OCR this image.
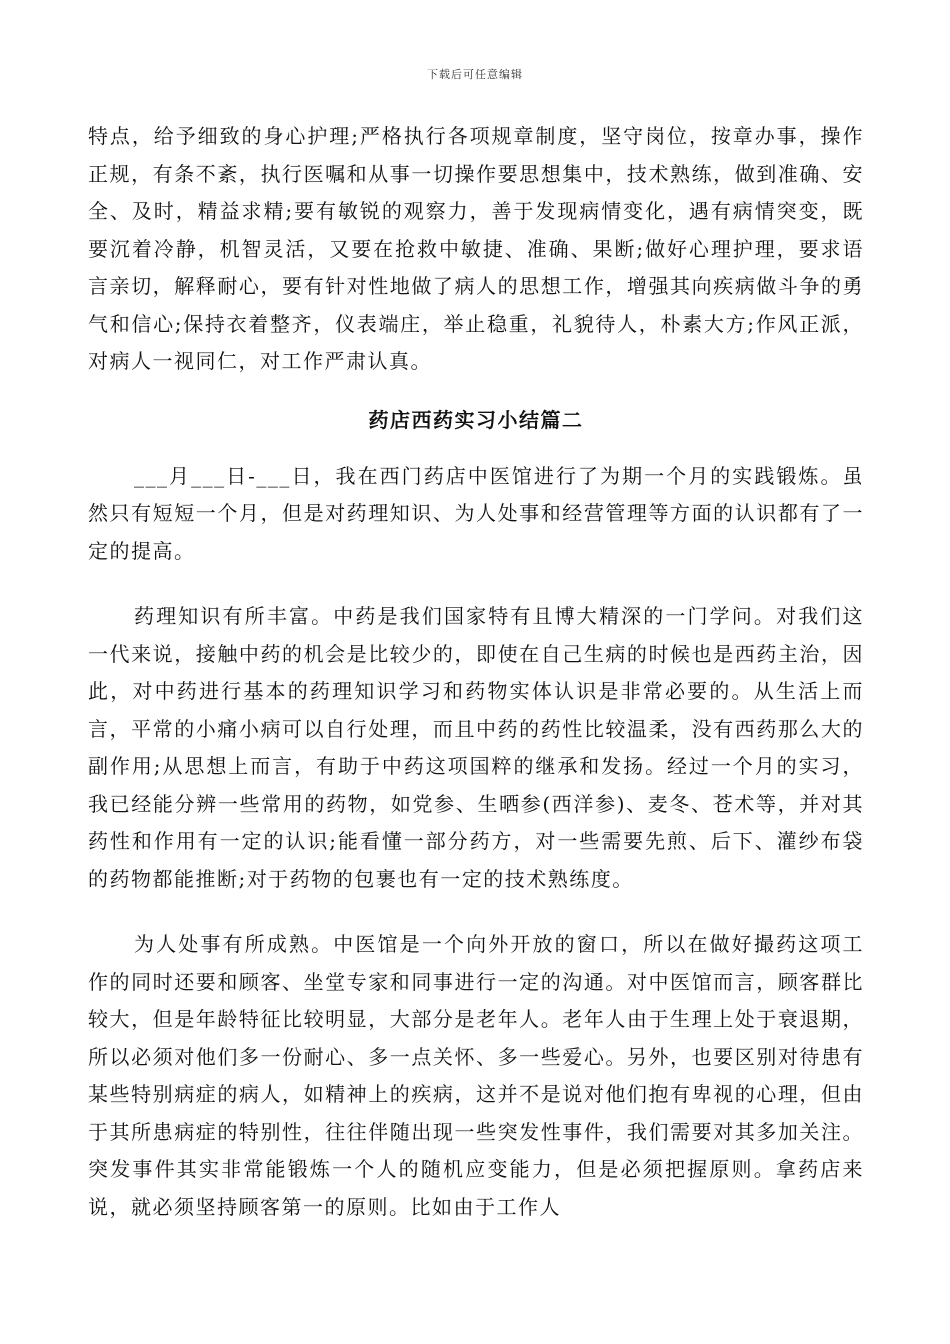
下载后可任意编辑

特点，给予细致的身心护理;严格执行各项规章制度，坚守岗位，按章办事，操作正规，有条不紊，执行医嘱和从事一切操作要思想集中，技术熟练，做到准确、安全、及时，精益求精;要有敏锐的观察力，善于发现病情变化，遇有病情突变，既要沉着冷静，机智灵活，又要在抢救中敏捷、准确、果断;做好心理护理，要求语言亲切，解释耐心，要有针对性地做了病人的思想工作，增强其向疾病做斗争的勇气和信心;保持衣着整齐，仪表端庄，举止稳重，礼貌待人，朴素大方;作风正派，对病人一视同仁，对工作严肃认真。

药店西药实习小结篇二

___月___日-___日，我在西门药店中医馆进行了为期一个月的实践锻炼。虽然只有短短一个月，但是对药理知识、为人处事和经营管理等方面的认识都有了一定的提高。

药理知识有所丰富。中药是我们国家特有且博大精深的一门学问。对我们这一代来说，接触中药的机会是比较少的，即使在自己生病的时候也是西药主治，因此，对中药进行基本的药理知识学习和药物实体认识是非常必要的。从生活上而言，平常的小痛小病可以自行处理，而且中药的药性比较温柔，没有西药那么大的副作用;从思想上而言，有助于中药这项国粹的继承和发扬。经过一个月的实习，我已经能分辨一些常用的药物，如党参、生晒参(西洋参)、麦冬、苍术等，并对其药性和作用有一定的认识;能看懂一部分药方，对一些需要先煎、后下、灌纱布袋的药物都能推断;对于药物的包裹也有一定的技术熟练度。

为人处事有所成熟。中医馆是一个向外开放的窗口，所以在做好撮药这项工作的同时还要和顾客、坐堂专家和同事进行一定的沟通。对中医馆而言，顾客群比较大，但是年龄特征比较明显，大部分是老年人。老年人由于生理上处于衰退期，所以必须对他们多一份耐心、多一点关怀、多一些爱心。另外，也要区别对待患有某些特别病症的病人，如精神上的疾病，这并不是说对他们抱有卑视的心理，但由于其所患病症的特别性，往往伴随出现一些突发性事件，我们需要对其多加关注。突发事件其实非常能锻炼一个人的随机应变能力，但是必须把握原则。拿药店来说，就必须坚持顾客第一的原则。比如由于工作人
